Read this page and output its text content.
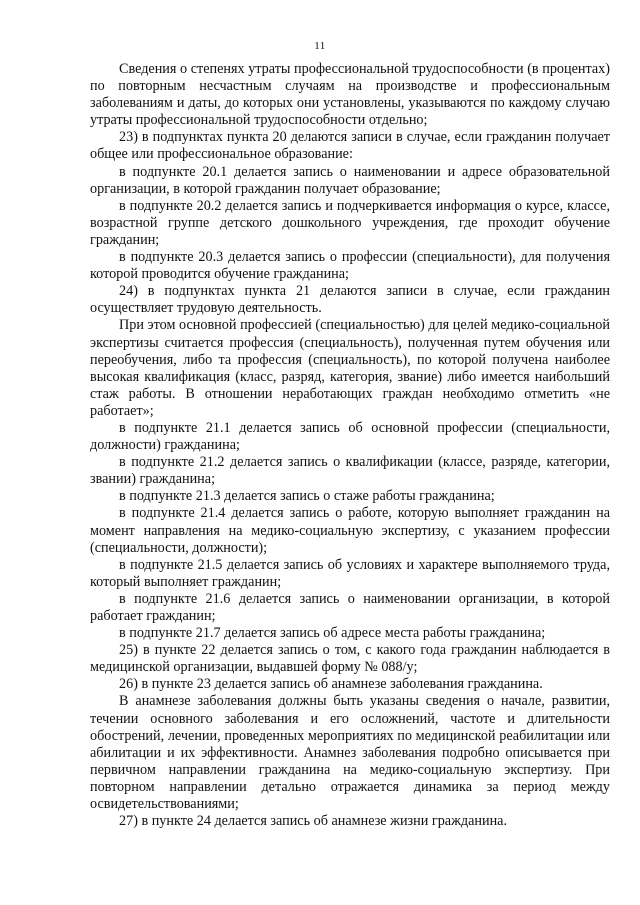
11

Сведения о степенях утраты профессиональной трудоспособности (в процентах) по повторным несчастным случаям на производстве и профессиональным заболеваниям и даты, до которых они установлены, указываются по каждому случаю утраты профессиональной трудоспособности отдельно;

23) в подпунктах пункта 20 делаются записи в случае, если гражданин получает общее или профессиональное образование:

в подпункте 20.1 делается запись о наименовании и адресе образовательной организации, в которой гражданин получает образование;

в подпункте 20.2 делается запись и подчеркивается информация о курсе, классе, возрастной группе детского дошкольного учреждения, где проходит обучение гражданин;

в подпункте 20.3 делается запись о профессии (специальности), для получения которой проводится обучение гражданина;

24) в подпунктах пункта 21 делаются записи в случае, если гражданин осуществляет трудовую деятельность.

При этом основной профессией (специальностью) для целей медико-социальной экспертизы считается профессия (специальность), полученная путем обучения или переобучения, либо та профессия (специальность), по которой получена наиболее высокая квалификация (класс, разряд, категория, звание) либо имеется наибольший стаж работы. В отношении неработающих граждан необходимо отметить «не работает»;

в подпункте 21.1 делается запись об основной профессии (специальности, должности) гражданина;

в подпункте 21.2 делается запись о квалификации (классе, разряде, категории, звании) гражданина;

в подпункте 21.3 делается запись о стаже работы гражданина;

в подпункте 21.4 делается запись о работе, которую выполняет гражданин на момент направления на медико-социальную экспертизу, с указанием профессии (специальности, должности);

в подпункте 21.5 делается запись об условиях и характере выполняемого труда, который выполняет гражданин;

в подпункте 21.6 делается запись о наименовании организации, в которой работает гражданин;

в подпункте 21.7 делается запись об адресе места работы гражданина;

25) в пункте 22 делается запись о том, с какого года гражданин наблюдается в медицинской организации, выдавшей форму № 088/у;

26) в пункте 23 делается запись об анамнезе заболевания гражданина.

В анамнезе заболевания должны быть указаны сведения о начале, развитии, течении основного заболевания и его осложнений, частоте и длительности обострений, лечении, проведенных мероприятиях по медицинской реабилитации или абилитации и их эффективности. Анамнез заболевания подробно описывается при первичном направлении гражданина на медико-социальную экспертизу. При повторном направлении детально отражается динамика за период между освидетельствованиями;

27) в пункте 24 делается запись об анамнезе жизни гражданина.
